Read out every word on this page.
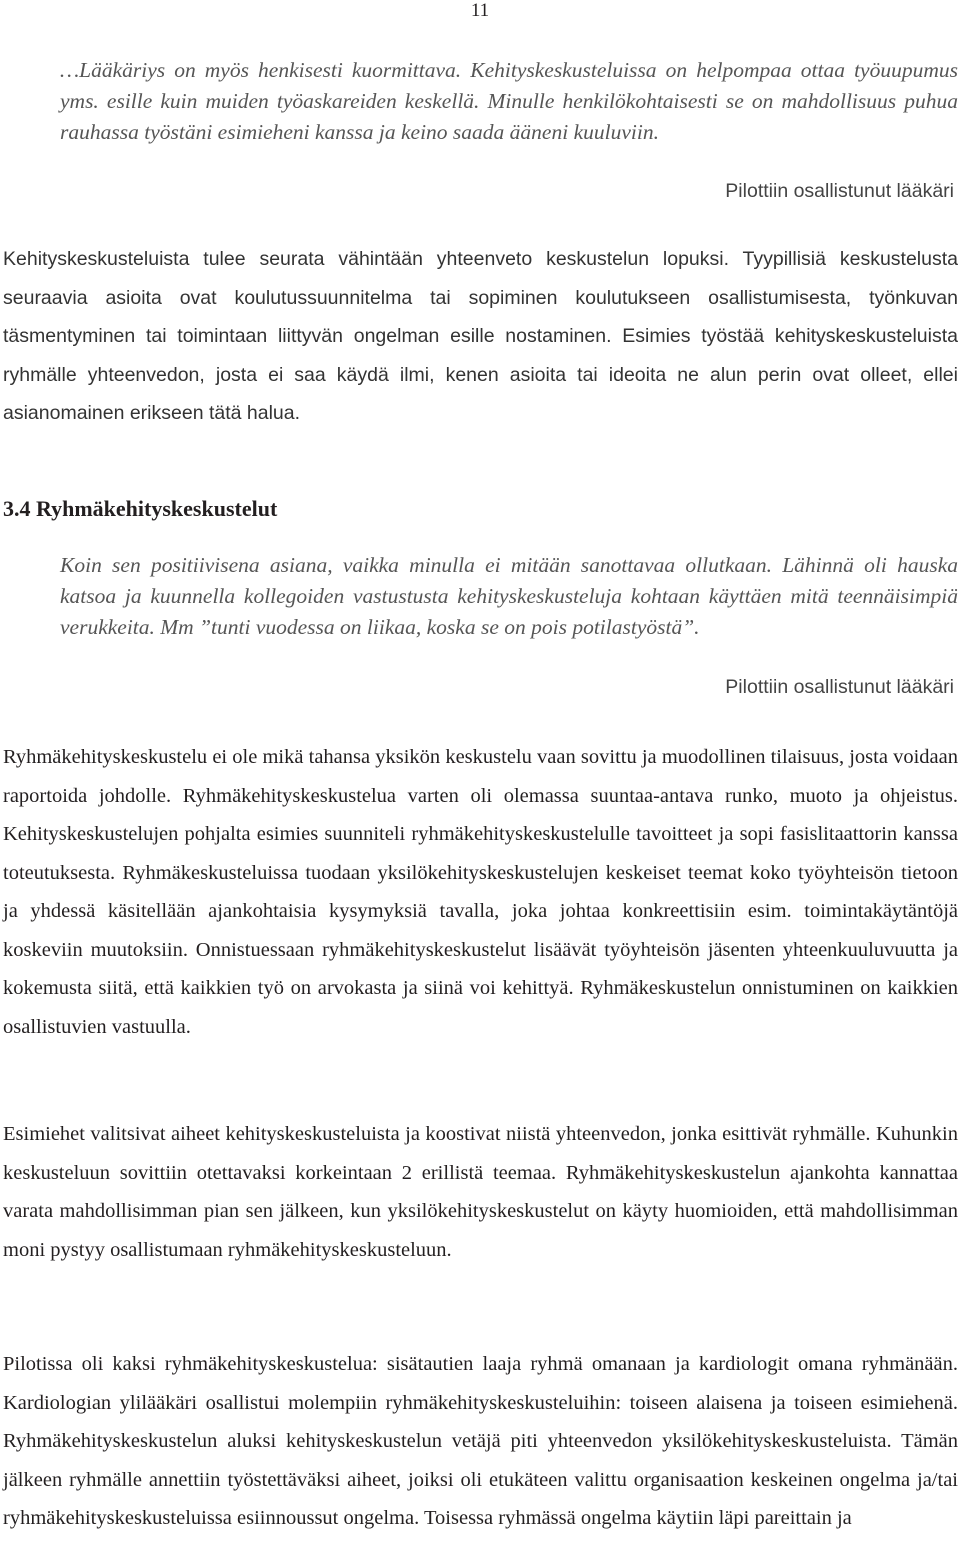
11

…Lääkäriys on myös henkisesti kuormittava. Kehityskeskusteluissa on helpompaa ottaa työuupumus yms. esille kuin muiden työaskareiden keskellä. Minulle henkilökohtaisesti se on mahdollisuus puhua rauhassa työstäni esimieheni kanssa ja keino saada ääneni kuuluviin.

Pilottiin osallistunut lääkäri

Kehityskeskusteluista tulee seurata vähintään yhteenveto keskustelun lopuksi. Tyypillisiä keskustelusta seuraavia asioita ovat koulutussuunnitelma tai sopiminen koulutukseen osallistumisesta, työnkuvan täsmentyminen tai toimintaan liittyvän ongelman esille nostaminen. Esimies työstää kehityskeskusteluista ryhmälle yhteenvedon, josta ei saa käydä ilmi, kenen asioita tai ideoita ne alun perin ovat olleet, ellei asianomainen erikseen tätä halua.

3.4 Ryhmäkehityskeskustelut

Koin sen positiivisena asiana, vaikka minulla ei mitään sanottavaa ollutkaan. Lähinnä oli hauska katsoa ja kuunnella kollegoiden vastustusta kehityskeskusteluja kohtaan käyttäen mitä teennäisimpiä verukkeita. Mm ”tunti vuodessa on liikaa, koska se on pois potilastyöstä”.

Pilottiin osallistunut lääkäri

Ryhmäkehityskeskustelu ei ole mikä tahansa yksikön keskustelu vaan sovittu ja muodollinen tilaisuus, josta voidaan raportoida johdolle. Ryhmäkehityskeskustelua varten oli olemassa suuntaa-antava runko, muoto ja ohjeistus. Kehityskeskustelujen pohjalta esimies suunniteli ryhmäkehityskeskustelulle tavoitteet ja sopi fasislitaattorin kanssa toteutuksesta. Ryhmäkeskusteluissa tuodaan yksilökehityskeskustelujen keskeiset teemat koko työyhteisön tietoon ja yhdessä käsitellään ajankohtaisia kysymyksiä tavalla, joka johtaa konkreettisiin esim. toimintakäytäntöjä koskeviin muutoksiin. Onnistuessaan ryhmäkehityskeskustelut lisäävät työyhteisön jäsenten yhteenkuuluvuutta ja kokemusta siitä, että kaikkien työ on arvokasta ja siinä voi kehittyä. Ryhmäkeskustelun onnistuminen on kaikkien osallistuvien vastuulla.

Esimiehet valitsivat aiheet kehityskeskusteluista ja koostivat niistä yhteenvedon, jonka esittivät ryhmälle. Kuhunkin keskusteluun sovittiin otettavaksi korkeintaan 2 erillistä teemaa. Ryhmäkehityskeskustelun ajankohta kannattaa varata mahdollisimman pian sen jälkeen, kun yksilökehityskeskustelut on käyty huomioiden, että mahdollisimman moni pystyy osallistumaan ryhmäkehityskeskusteluun.

Pilotissa oli kaksi ryhmäkehityskeskustelua: sisätautien laaja ryhmä omanaan ja kardiologit omana ryhmänään. Kardiologian ylilääkäri osallistui molempiin ryhmäkehityskeskusteluihin: toiseen alaisena ja toiseen esimiehenä. Ryhmäkehityskeskustelun aluksi kehityskeskustelun vetäjä piti yhteenvedon yksilökehityskeskusteluista. Tämän jälkeen ryhmälle annettiin työstettäväksi aiheet, joiksi oli etukäteen valittu organisaation keskeinen ongelma ja/tai ryhmäkehityskeskusteluissa esiinnoussut ongelma. Toisessa ryhmässä ongelma käytiin läpi pareittain ja
